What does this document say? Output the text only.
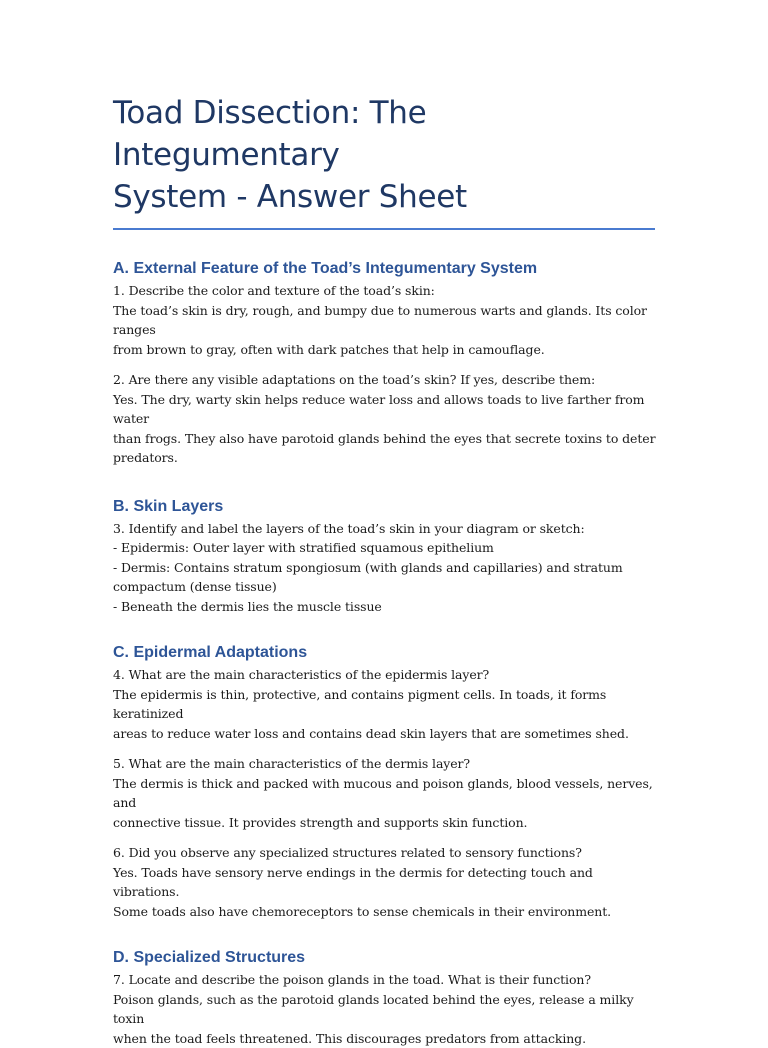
Toad Dissection: The Integumentary
System - Answer Sheet
A. External Feature of the Toad’s Integumentary System

1. Describe the color and texture of the toad’s skin:
The toad’s skin is dry, rough, and bumpy due to numerous warts and glands. Its color ranges
from brown to gray, often with dark patches that help in camouflage.

2. Are there any visible adaptations on the toad’s skin? If yes, describe them:
Yes. The dry, warty skin helps reduce water loss and allows toads to live farther from water
than frogs. They also have parotoid glands behind the eyes that secrete toxins to deter
predators.

B. Skin Layers

3. Identify and label the layers of the toad’s skin in your diagram or sketch:
- Epidermis: Outer layer with stratified squamous epithelium
- Dermis: Contains stratum spongiosum (with glands and capillaries) and stratum
compactum (dense tissue)
- Beneath the dermis lies the muscle tissue

C. Epidermal Adaptations

4. What are the main characteristics of the epidermis layer?
The epidermis is thin, protective, and contains pigment cells. In toads, it forms keratinized
areas to reduce water loss and contains dead skin layers that are sometimes shed.

5. What are the main characteristics of the dermis layer?
The dermis is thick and packed with mucous and poison glands, blood vessels, nerves, and
connective tissue. It provides strength and supports skin function.

6. Did you observe any specialized structures related to sensory functions?
Yes. Toads have sensory nerve endings in the dermis for detecting touch and vibrations.
Some toads also have chemoreceptors to sense chemicals in their environment.

D. Specialized Structures

7. Locate and describe the poison glands in the toad. What is their function?
Poison glands, such as the parotoid glands located behind the eyes, release a milky toxin
when the toad feels threatened. This discourages predators from attacking.
